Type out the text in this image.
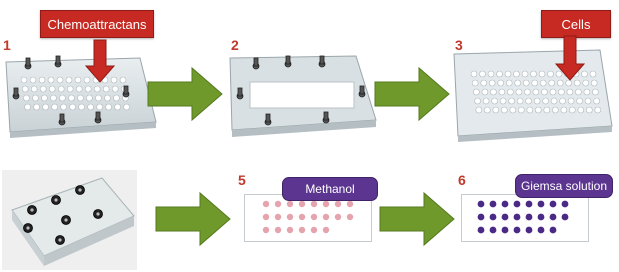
1
Chemoattractans
2	3
Cells
5
Methanol
6	Giemsa solution
